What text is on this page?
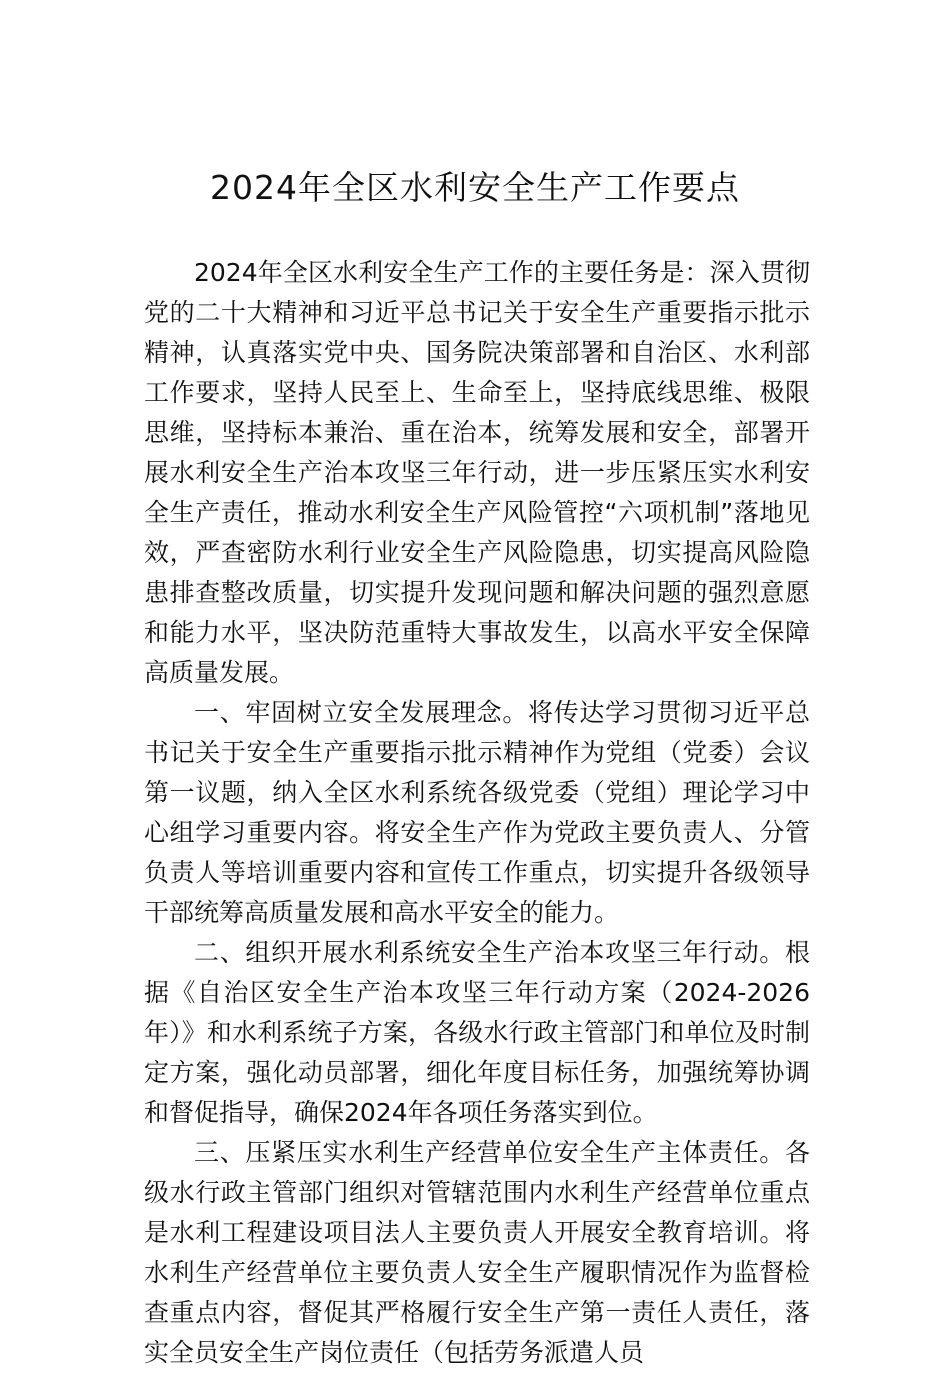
2024年全区水利安全生产工作要点

2024年全区水利安全生产工作的主要任务是：深入贯彻党的二十大精神和习近平总书记关于安全生产重要指示批示精神，认真落实党中央、国务院决策部署和自治区、水利部工作要求，坚持人民至上、生命至上，坚持底线思维、极限思维，坚持标本兼治、重在治本，统筹发展和安全，部署开展水利安全生产治本攻坚三年行动，进一步压紧压实水利安全生产责任，推动水利安全生产风险管控“六项机制”落地见效，严查密防水利行业安全生产风险隐患，切实提高风险隐患排查整改质量，切实提升发现问题和解决问题的强烈意愿和能力水平，坚决防范重特大事故发生，以高水平安全保障高质量发展。

一、牢固树立安全发展理念。将传达学习贯彻习近平总书记关于安全生产重要指示批示精神作为党组（党委）会议第一议题，纳入全区水利系统各级党委（党组）理论学习中心组学习重要内容。将安全生产作为党政主要负责人、分管负责人等培训重要内容和宣传工作重点，切实提升各级领导干部统筹高质量发展和高水平安全的能力。

二、组织开展水利系统安全生产治本攻坚三年行动。根据《自治区安全生产治本攻坚三年行动方案（2024-2026年）》和水利系统子方案，各级水行政主管部门和单位及时制定方案，强化动员部署，细化年度目标任务，加强统筹协调和督促指导，确保2024年各项任务落实到位。

三、压紧压实水利生产经营单位安全生产主体责任。各级水行政主管部门组织对管辖范围内水利生产经营单位重点是水利工程建设项目法人主要负责人开展安全教育培训。将水利生产经营单位主要负责人安全生产履职情况作为监督检查重点内容，督促其严格履行安全生产第一责任人责任，落实全员安全生产岗位责任（包括劳务派遣人员
